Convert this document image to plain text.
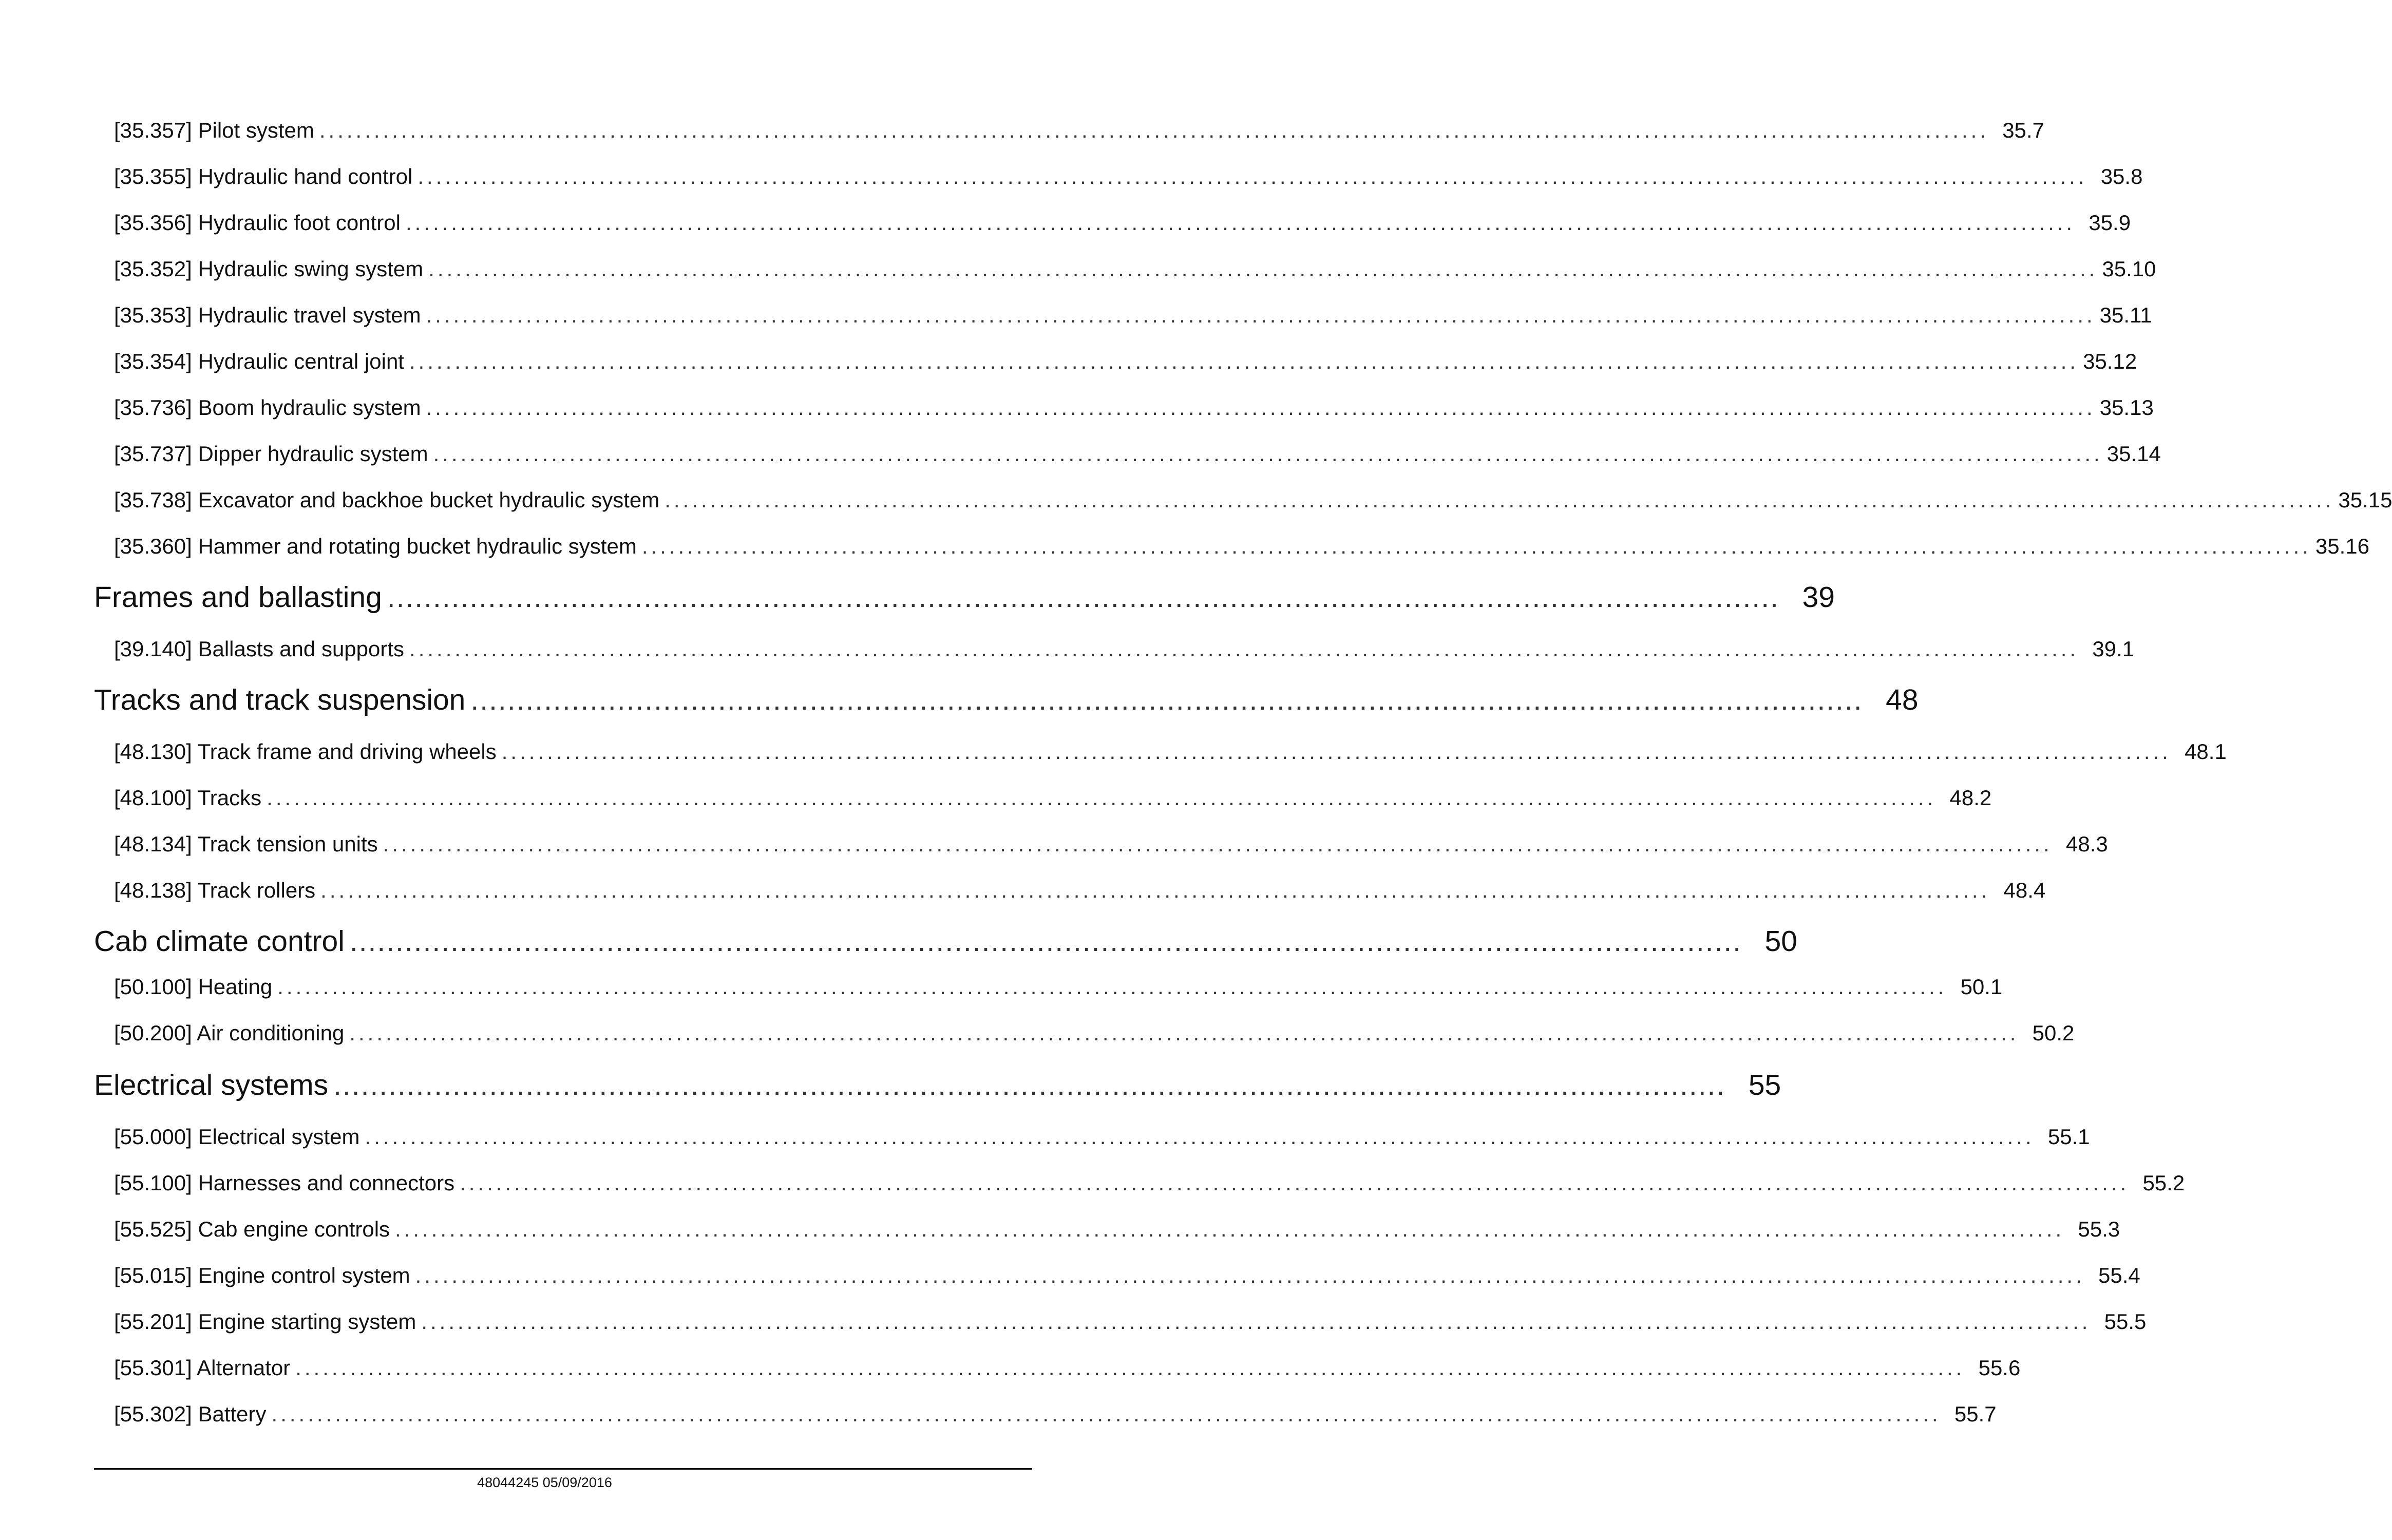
[35.357] Pilot system ........................................................................................................................................................................................ 35.7
[35.355] Hydraulic hand control ........................................................................................................................................................................................ 35.8
[35.356] Hydraulic foot control ........................................................................................................................................................................................ 35.9
[35.352] Hydraulic swing system ........................................................................................................................................................................................ 35.10
[35.353] Hydraulic travel system ........................................................................................................................................................................................ 35.11
[35.354] Hydraulic central joint ........................................................................................................................................................................................ 35.12
[35.736] Boom hydraulic system ........................................................................................................................................................................................ 35.13
[35.737] Dipper hydraulic system ........................................................................................................................................................................................ 35.14
[35.738] Excavator and backhoe bucket hydraulic system ........................................................................................................................................................................................ 35.15
[35.360] Hammer and rotating bucket hydraulic system ........................................................................................................................................................................................ 35.16
Frames and ballasting ........................................................................................................................................................ 39
[39.140] Ballasts and supports ........................................................................................................................................................................................ 39.1
Tracks and track suspension ........................................................................................................................................................ 48
[48.130] Track frame and driving wheels ........................................................................................................................................................................................ 48.1
[48.100] Tracks ........................................................................................................................................................................................ 48.2
[48.134] Track tension units ........................................................................................................................................................................................ 48.3
[48.138] Track rollers ........................................................................................................................................................................................ 48.4
Cab climate control ........................................................................................................................................................ 50
[50.100] Heating ........................................................................................................................................................................................ 50.1
[50.200] Air conditioning ........................................................................................................................................................................................ 50.2
Electrical systems ........................................................................................................................................................ 55
[55.000] Electrical system ........................................................................................................................................................................................ 55.1
[55.100] Harnesses and connectors ........................................................................................................................................................................................ 55.2
[55.525] Cab engine controls ........................................................................................................................................................................................ 55.3
[55.015] Engine control system ........................................................................................................................................................................................ 55.4
[55.201] Engine starting system ........................................................................................................................................................................................ 55.5
[55.301] Alternator ........................................................................................................................................................................................ 55.6
[55.302] Battery ........................................................................................................................................................................................ 55.7
48044245 05/09/2016
